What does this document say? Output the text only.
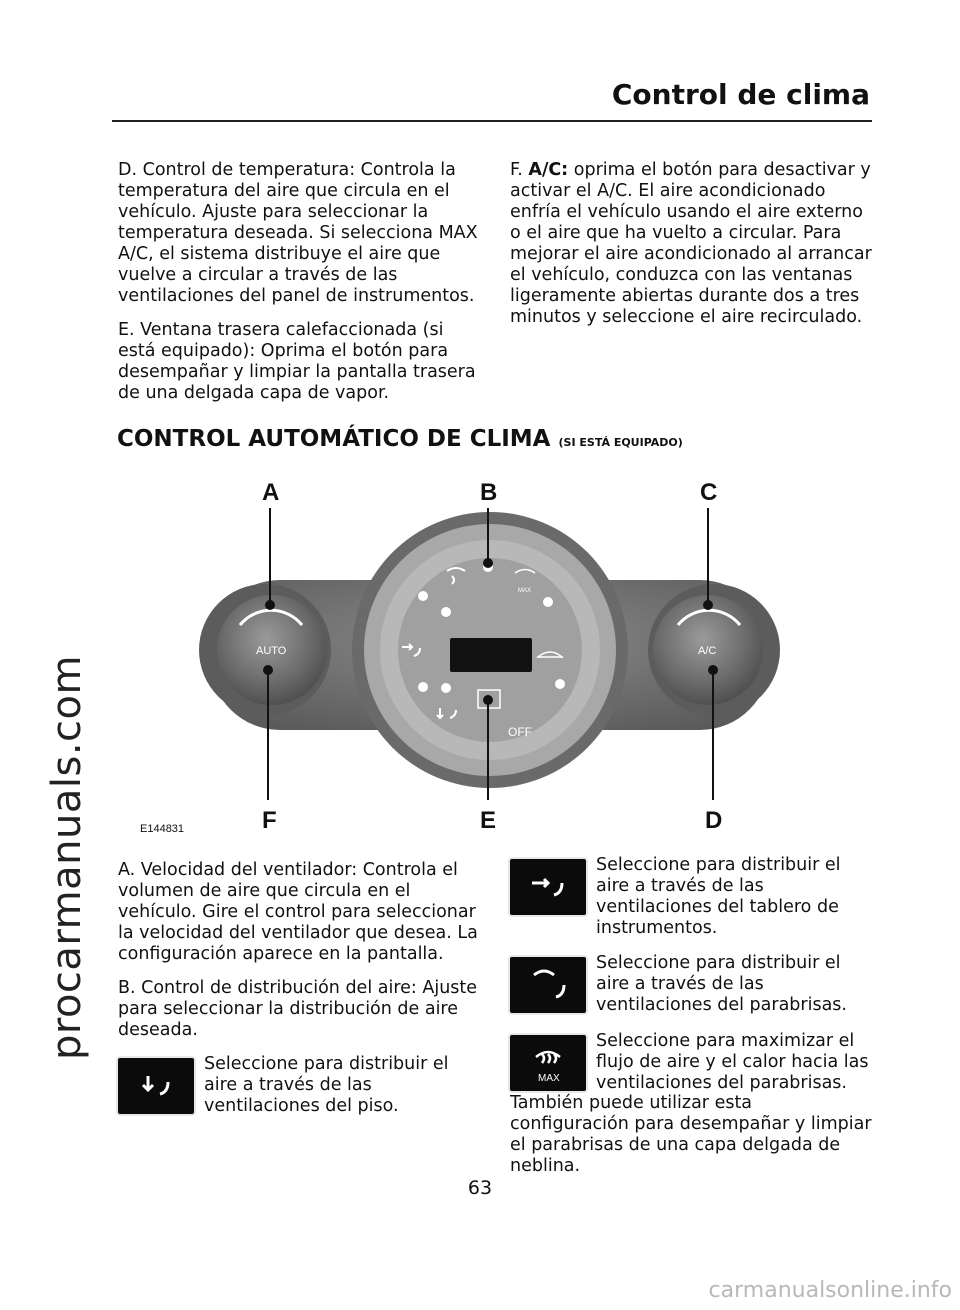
procarmanuals.com
Control de clima

D. Control de temperatura: Controla la temperatura del aire que circula en el vehículo. Ajuste para seleccionar la temperatura deseada. Si selecciona MAX A/C, el sistema distribuye el aire que vuelve a circular a través de las ventilaciones del panel de instrumentos.

E. Ventana trasera calefaccionada (si está equipado): Oprima el botón para desempañar y limpiar la pantalla trasera de una delgada capa de vapor.

F. A/C: oprima el botón para desactivar y activar el A/C. El aire acondicionado enfría el vehículo usando el aire externo o el aire que ha vuelto a circular. Para mejorar el aire acondicionado al arrancar el vehículo, conduzca con las ventanas ligeramente abiertas durante dos a tres minutos y seleccione el aire recirculado.

CONTROL AUTOMÁTICO DE CLIMA (SI ESTÁ EQUIPADO)
AUTO	A/C
MAX
OFF
A	B	C
F	E	D
E144831

A. Velocidad del ventilador: Controla el volumen de aire que circula en el vehículo. Gire el control para seleccionar la velocidad del ventilador que desea. La configuración aparece en la pantalla.

B. Control de distribución del aire: Ajuste para seleccionar la distribución de aire deseada.

Seleccione para distribuir el aire a través de las ventilaciones del piso.
Seleccione para distribuir el aire a través de las ventilaciones del tablero de instrumentos.
Seleccione para distribuir el aire a través de las ventilaciones del parabrisas.
MAX
Seleccione para maximizar el flujo de aire y el calor hacia las ventilaciones del parabrisas.

También puede utilizar esta configuración para desempañar y limpiar el parabrisas de una capa delgada de neblina.

63
carmanualsonline.info
